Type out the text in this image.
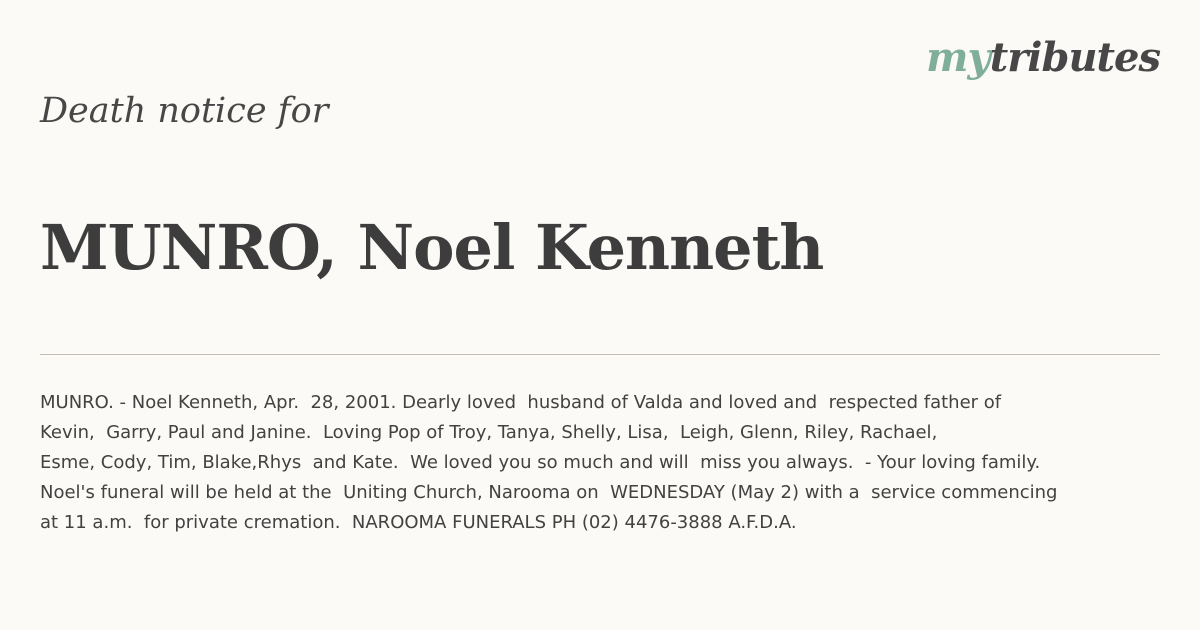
mytributes
Death notice for
MUNRO, Noel Kenneth
MUNRO. - Noel Kenneth, Apr.  28, 2001. Dearly loved  husband of Valda and loved and  respected father of
Kevin,  Garry, Paul and Janine.  Loving Pop of Troy, Tanya, Shelly, Lisa,  Leigh, Glenn, Riley, Rachael,
Esme, Cody, Tim, Blake,Rhys  and Kate.  We loved you so much and will  miss you always.  - Your loving family.
Noel's funeral will be held at the  Uniting Church, Narooma on  WEDNESDAY (May 2) with a  service commencing
at 11 a.m.  for private cremation.  NAROOMA FUNERALS PH (02) 4476-3888 A.F.D.A.
